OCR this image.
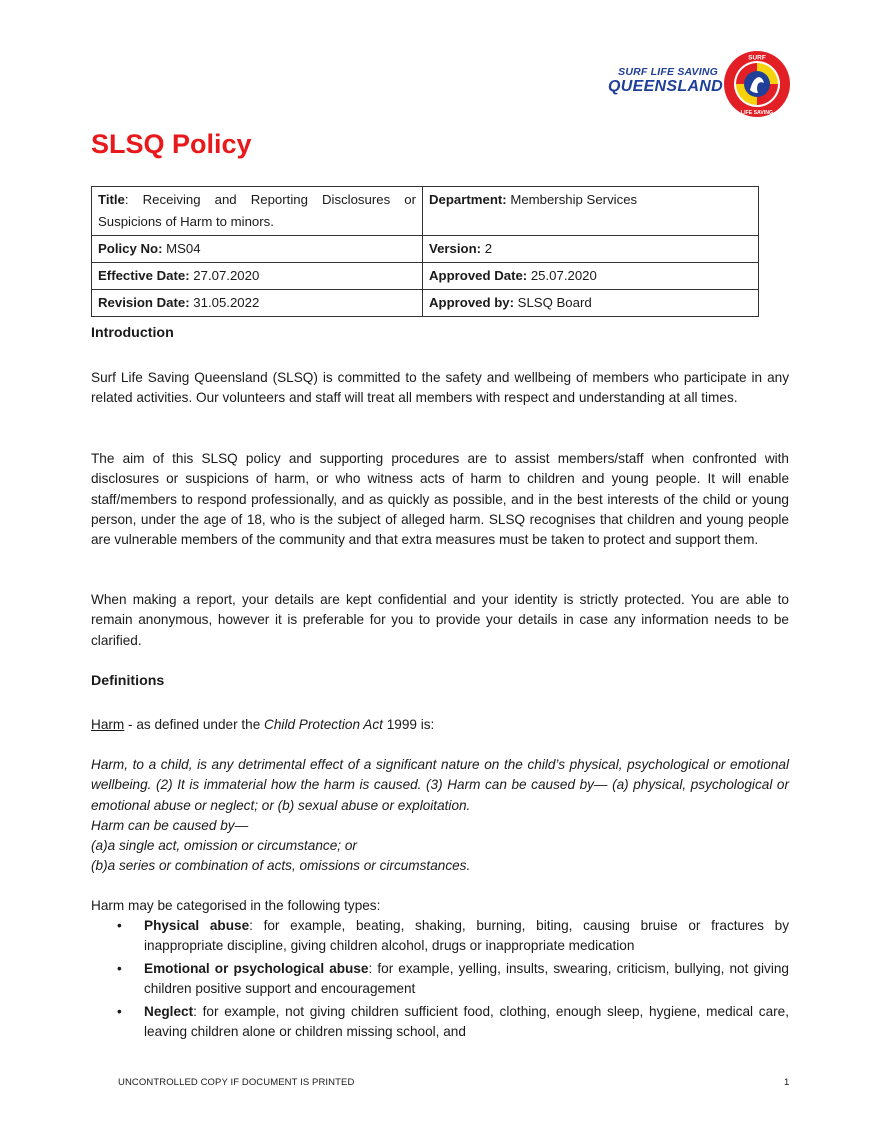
SURF LIFE SAVING
QUEENSLAND
SURF
LIFE SAVING
SLSQ Policy
Title: Receiving and Reporting Disclosures or Suspicions of Harm to minors.	Department: Membership Services
Policy No: MS04	Version: 2
Effective Date: 27.07.2020	Approved Date: 25.07.2020
Revision Date: 31.05.2022	Approved by: SLSQ Board
Introduction

Surf Life Saving Queensland (SLSQ) is committed to the safety and wellbeing of members who participate in any related activities. Our volunteers and staff will treat all members with respect and understanding at all times.

The aim of this SLSQ policy and supporting procedures are to assist members/staff when confronted with disclosures or suspicions of harm, or who witness acts of harm to children and young people. It will enable staff/members to respond professionally, and as quickly as possible, and in the best interests of the child or young person, under the age of 18, who is the subject of alleged harm. SLSQ recognises that children and young people are vulnerable members of the community and that extra measures must be taken to protect and support them.

When making a report, your details are kept confidential and your identity is strictly protected. You are able to remain anonymous, however it is preferable for you to provide your details in case any information needs to be clarified.

Definitions

Harm - as defined under the Child Protection Act 1999 is:

Harm, to a child, is any detrimental effect of a significant nature on the child’s physical, psychological or emotional wellbeing. (2) It is immaterial how the harm is caused. (3) Harm can be caused by— (a) physical, psychological or emotional abuse or neglect; or (b) sexual abuse or exploitation.

Harm can be caused by—

(a)a single act, omission or circumstance; or

(b)a series or combination of acts, omissions or circumstances.

Harm may be categorised in the following types:

• Physical abuse: for example, beating, shaking, burning, biting, causing bruise or fractures by inappropriate discipline, giving children alcohol, drugs or inappropriate medication
• Emotional or psychological abuse: for example, yelling, insults, swearing, criticism, bullying, not giving children positive support and encouragement
• Neglect: for example, not giving children sufficient food, clothing, enough sleep, hygiene, medical care, leaving children alone or children missing school, and
UNCONTROLLED COPY IF DOCUMENT IS PRINTED	1
